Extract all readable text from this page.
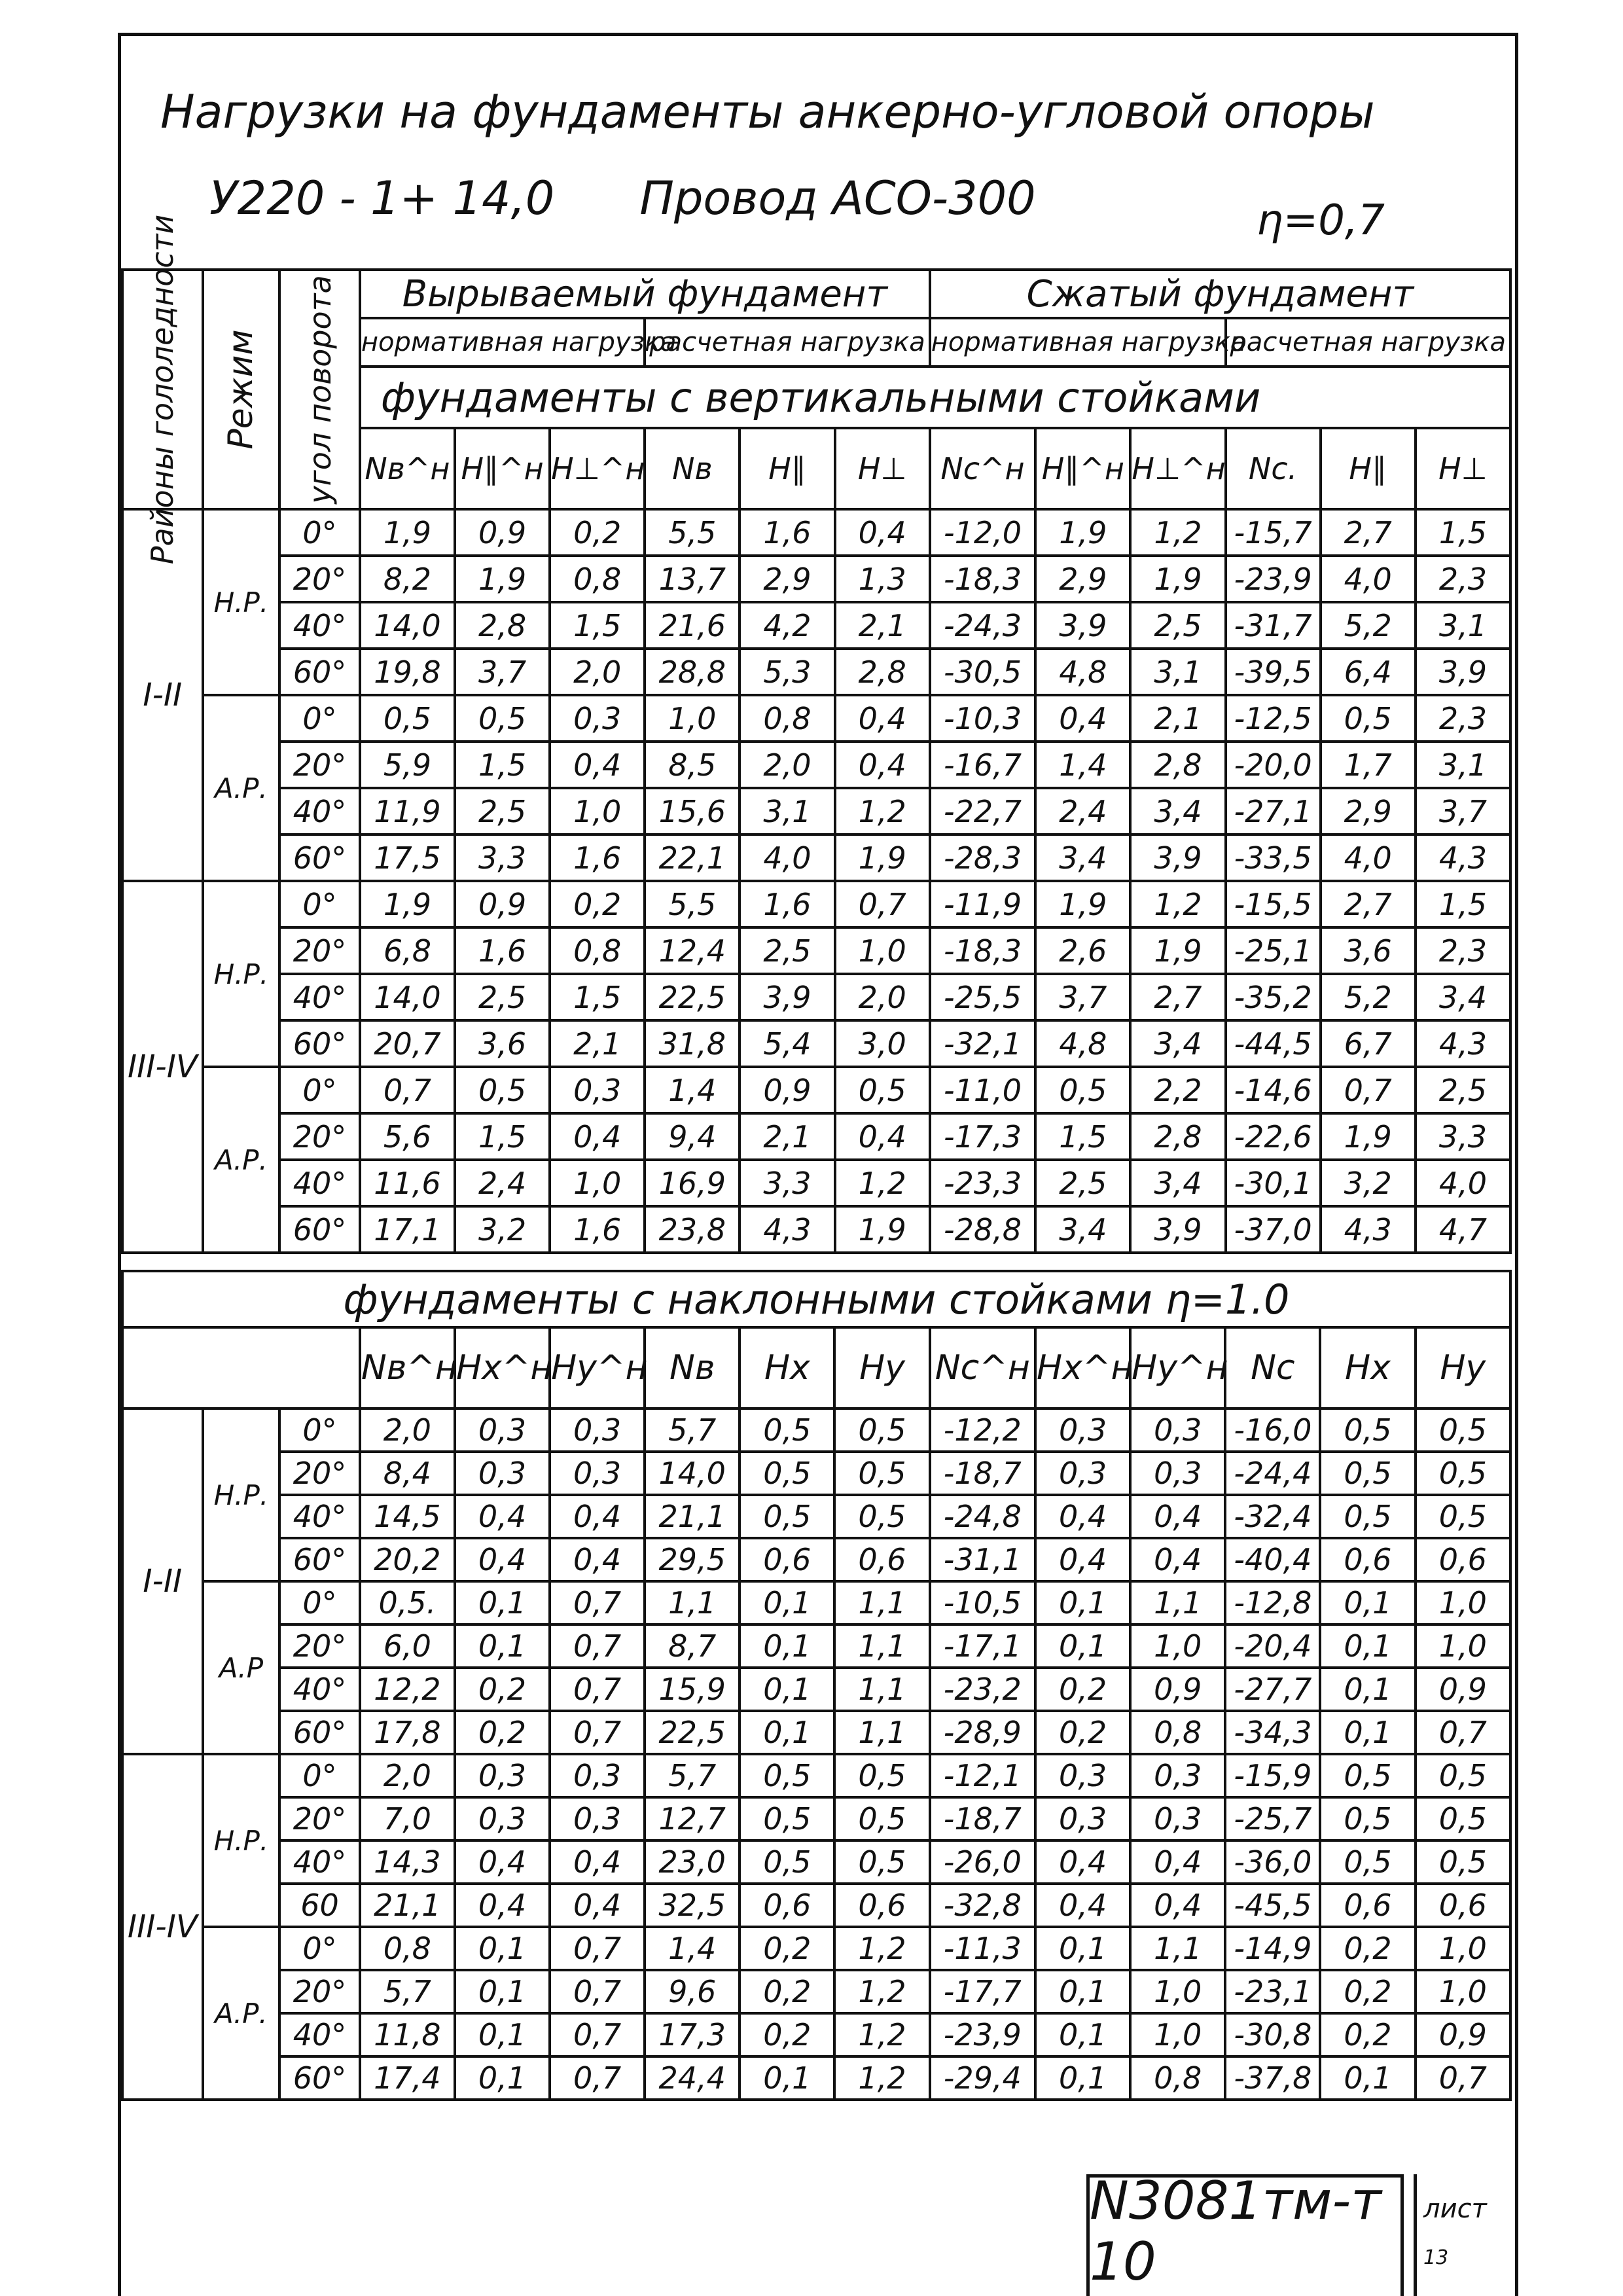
Нагрузки на фундаменты анкерно-угловой опоры
У220 - 1+ 14,0 Провод АСО-300	η=0,7
Районы гололедности	Режим	угол поворота	Вырываемый фундамент						Сжатый фундамент					
			нормативная нагрузка			расчетная нагрузка			нормативная нагрузка			расчетная нагрузка		
			фундаменты с вертикальными стойками											
			Nв^н	H∥^н	H⊥^н	Nв	H∥	H⊥	Nc^н	H∥^н	H⊥^н	Nc.	H∥	H⊥
I-II	Н.Р.	0°	1,9	0,9	0,2	5,5	1,6	0,4	-12,0	1,9	1,2	-15,7	2,7	1,5
		20°	8,2	1,9	0,8	13,7	2,9	1,3	-18,3	2,9	1,9	-23,9	4,0	2,3
		40°	14,0	2,8	1,5	21,6	4,2	2,1	-24,3	3,9	2,5	-31,7	5,2	3,1
		60°	19,8	3,7	2,0	28,8	5,3	2,8	-30,5	4,8	3,1	-39,5	6,4	3,9
	А.Р.	0°	0,5	0,5	0,3	1,0	0,8	0,4	-10,3	0,4	2,1	-12,5	0,5	2,3
		20°	5,9	1,5	0,4	8,5	2,0	0,4	-16,7	1,4	2,8	-20,0	1,7	3,1
		40°	11,9	2,5	1,0	15,6	3,1	1,2	-22,7	2,4	3,4	-27,1	2,9	3,7
		60°	17,5	3,3	1,6	22,1	4,0	1,9	-28,3	3,4	3,9	-33,5	4,0	4,3
III-IV	Н.Р.	0°	1,9	0,9	0,2	5,5	1,6	0,7	-11,9	1,9	1,2	-15,5	2,7	1,5
		20°	6,8	1,6	0,8	12,4	2,5	1,0	-18,3	2,6	1,9	-25,1	3,6	2,3
		40°	14,0	2,5	1,5	22,5	3,9	2,0	-25,5	3,7	2,7	-35,2	5,2	3,4
		60°	20,7	3,6	2,1	31,8	5,4	3,0	-32,1	4,8	3,4	-44,5	6,7	4,3
	А.Р.	0°	0,7	0,5	0,3	1,4	0,9	0,5	-11,0	0,5	2,2	-14,6	0,7	2,5
		20°	5,6	1,5	0,4	9,4	2,1	0,4	-17,3	1,5	2,8	-22,6	1,9	3,3
		40°	11,6	2,4	1,0	16,9	3,3	1,2	-23,3	2,5	3,4	-30,1	3,2	4,0
		60°	17,1	3,2	1,6	23,8	4,3	1,9	-28,8	3,4	3,9	-37,0	4,3	4,7
фундаменты с наклонными стойками η=1.0														
			Nв^н	Hx^н	Hy^н	Nв	Hx	Hy	Nc^н	Hx^н	Hy^н	Nc	Hx	Hy
I-II	Н.Р.	0°	2,0	0,3	0,3	5,7	0,5	0,5	-12,2	0,3	0,3	-16,0	0,5	0,5
		20°	8,4	0,3	0,3	14,0	0,5	0,5	-18,7	0,3	0,3	-24,4	0,5	0,5
		40°	14,5	0,4	0,4	21,1	0,5	0,5	-24,8	0,4	0,4	-32,4	0,5	0,5
		60°	20,2	0,4	0,4	29,5	0,6	0,6	-31,1	0,4	0,4	-40,4	0,6	0,6
	А.Р	0°	0,5.	0,1	0,7	1,1	0,1	1,1	-10,5	0,1	1,1	-12,8	0,1	1,0
		20°	6,0	0,1	0,7	8,7	0,1	1,1	-17,1	0,1	1,0	-20,4	0,1	1,0
		40°	12,2	0,2	0,7	15,9	0,1	1,1	-23,2	0,2	0,9	-27,7	0,1	0,9
		60°	17,8	0,2	0,7	22,5	0,1	1,1	-28,9	0,2	0,8	-34,3	0,1	0,7
III-IV	Н.Р.	0°	2,0	0,3	0,3	5,7	0,5	0,5	-12,1	0,3	0,3	-15,9	0,5	0,5
		20°	7,0	0,3	0,3	12,7	0,5	0,5	-18,7	0,3	0,3	-25,7	0,5	0,5
		40°	14,3	0,4	0,4	23,0	0,5	0,5	-26,0	0,4	0,4	-36,0	0,5	0,5
		60	21,1	0,4	0,4	32,5	0,6	0,6	-32,8	0,4	0,4	-45,5	0,6	0,6
	А.Р.	0°	0,8	0,1	0,7	1,4	0,2	1,2	-11,3	0,1	1,1	-14,9	0,2	1,0
		20°	5,7	0,1	0,7	9,6	0,2	1,2	-17,7	0,1	1,0	-23,1	0,2	1,0
		40°	11,8	0,1	0,7	17,3	0,2	1,2	-23,9	0,1	1,0	-30,8	0,2	0,9
		60°	17,4	0,1	0,7	24,4	0,1	1,2	-29,4	0,1	0,8	-37,8	0,1	0,7
N3081тм-т 10
лист
13
